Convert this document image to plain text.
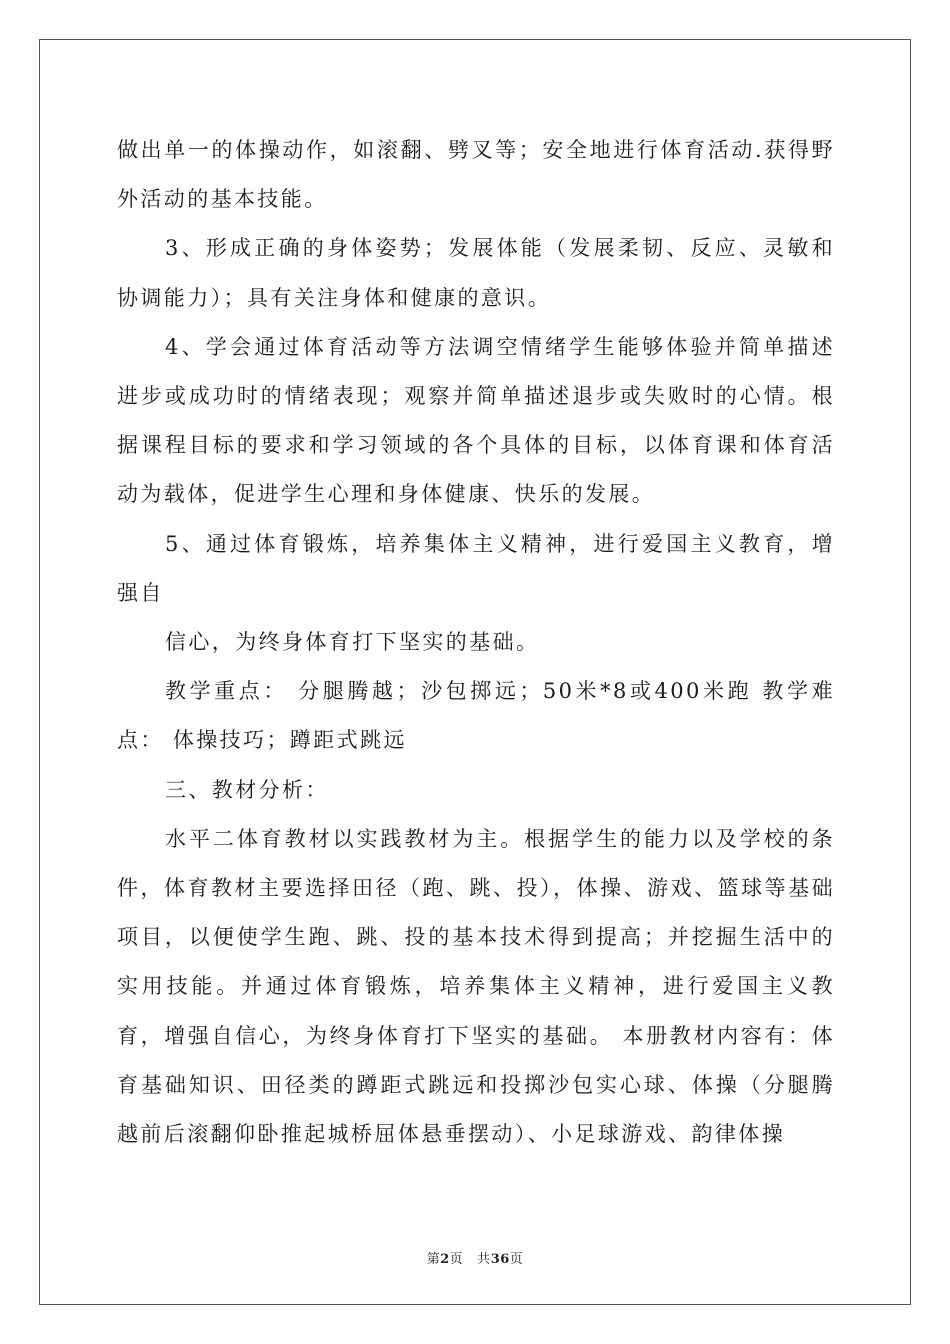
做出单一的体操动作，如滚翻、劈叉等；安全地进行体育活动.获得野外活动的基本技能。

3、形成正确的身体姿势；发展体能（发展柔韧、反应、灵敏和协调能力）；具有关注身体和健康的意识。

4、学会通过体育活动等方法调空情绪学生能够体验并简单描述进步或成功时的情绪表现；观察并简单描述退步或失败时的心情。根据课程目标的要求和学习领域的各个具体的目标，以体育课和体育活动为载体，促进学生心理和身体健康、快乐的发展。

5、通过体育锻炼，培养集体主义精神，进行爱国主义教育，增强自

信心，为终身体育打下坚实的基础。

教学重点： 分腿腾越；沙包掷远；50米*8或400米跑 教学难点： 体操技巧；蹲距式跳远

三、教材分析：

水平二体育教材以实践教材为主。根据学生的能力以及学校的条件，体育教材主要选择田径（跑、跳、投），体操、游戏、篮球等基础项目，以便使学生跑、跳、投的基本技术得到提高；并挖掘生活中的实用技能。并通过体育锻炼，培养集体主义精神，进行爱国主义教育，增强自信心，为终身体育打下坚实的基础。 本册教材内容有：体育基础知识、田径类的蹲距式跳远和投掷沙包实心球、体操（分腿腾越前后滚翻仰卧推起城桥屈体悬垂摆动）、小足球游戏、韵律体操

第2页 共36页
